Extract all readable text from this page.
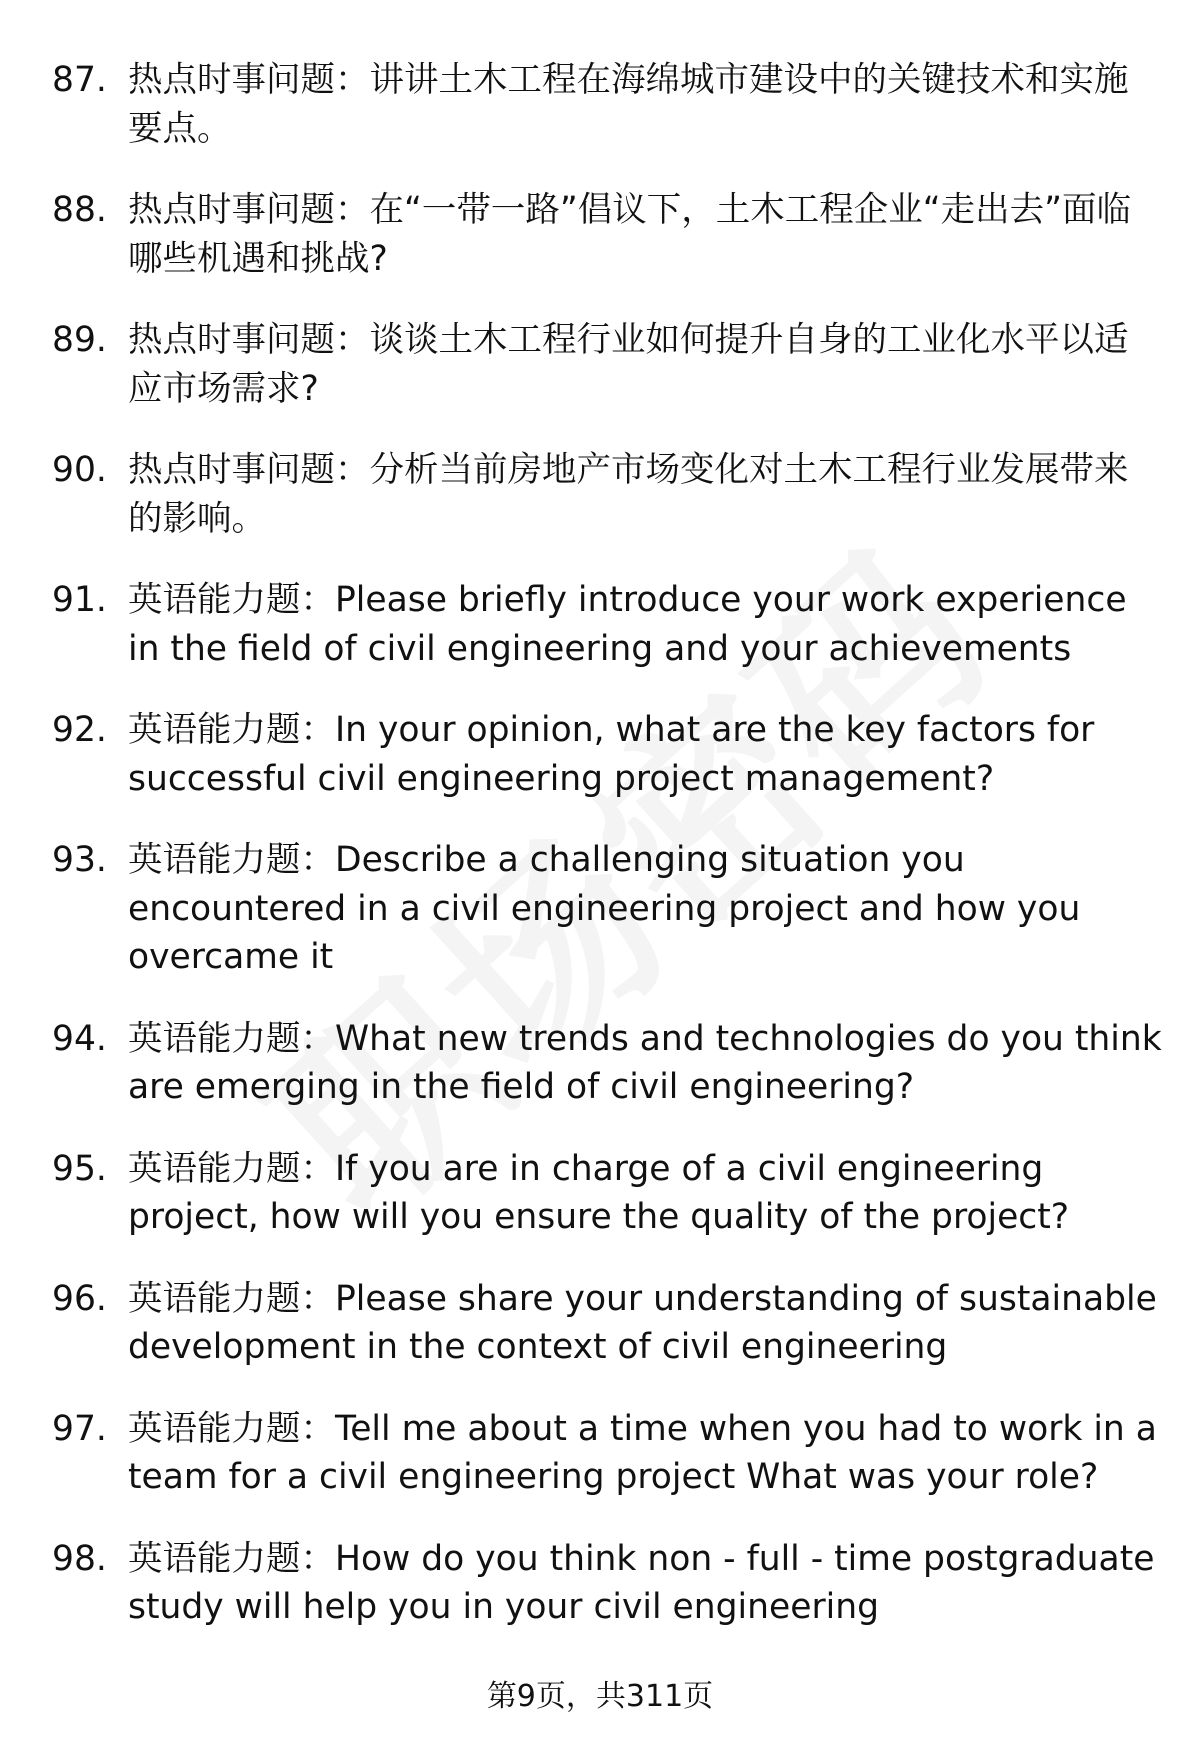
87. 热点时事问题：讲讲土木工程在海绵城市建设中的关键技术和实施要点。
88. 热点时事问题：在“一带一路”倡议下，土木工程企业“走出去”面临哪些机遇和挑战?
89. 热点时事问题：谈谈土木工程行业如何提升自身的工业化水平以适应市场需求?
90. 热点时事问题：分析当前房地产市场变化对土木工程行业发展带来的影响。
91. 英语能力题：Please briefly introduce your work experience in the field of civil engineering and your achievements
92. 英语能力题：In your opinion, what are the key factors for successful civil engineering project management?
93. 英语能力题：Describe a challenging situation you encountered in a civil engineering project and how you overcame it
94. 英语能力题：What new trends and technologies do you think are emerging in the field of civil engineering?
95. 英语能力题：If you are in charge of a civil engineering project, how will you ensure the quality of the project?
96. 英语能力题：Please share your understanding of sustainable development in the context of civil engineering
97. 英语能力题：Tell me about a time when you had to work in a team for a civil engineering project What was your role?
98. 英语能力题：How do you think non - full - time postgraduate study will help you in your civil engineering
第9页，共311页
